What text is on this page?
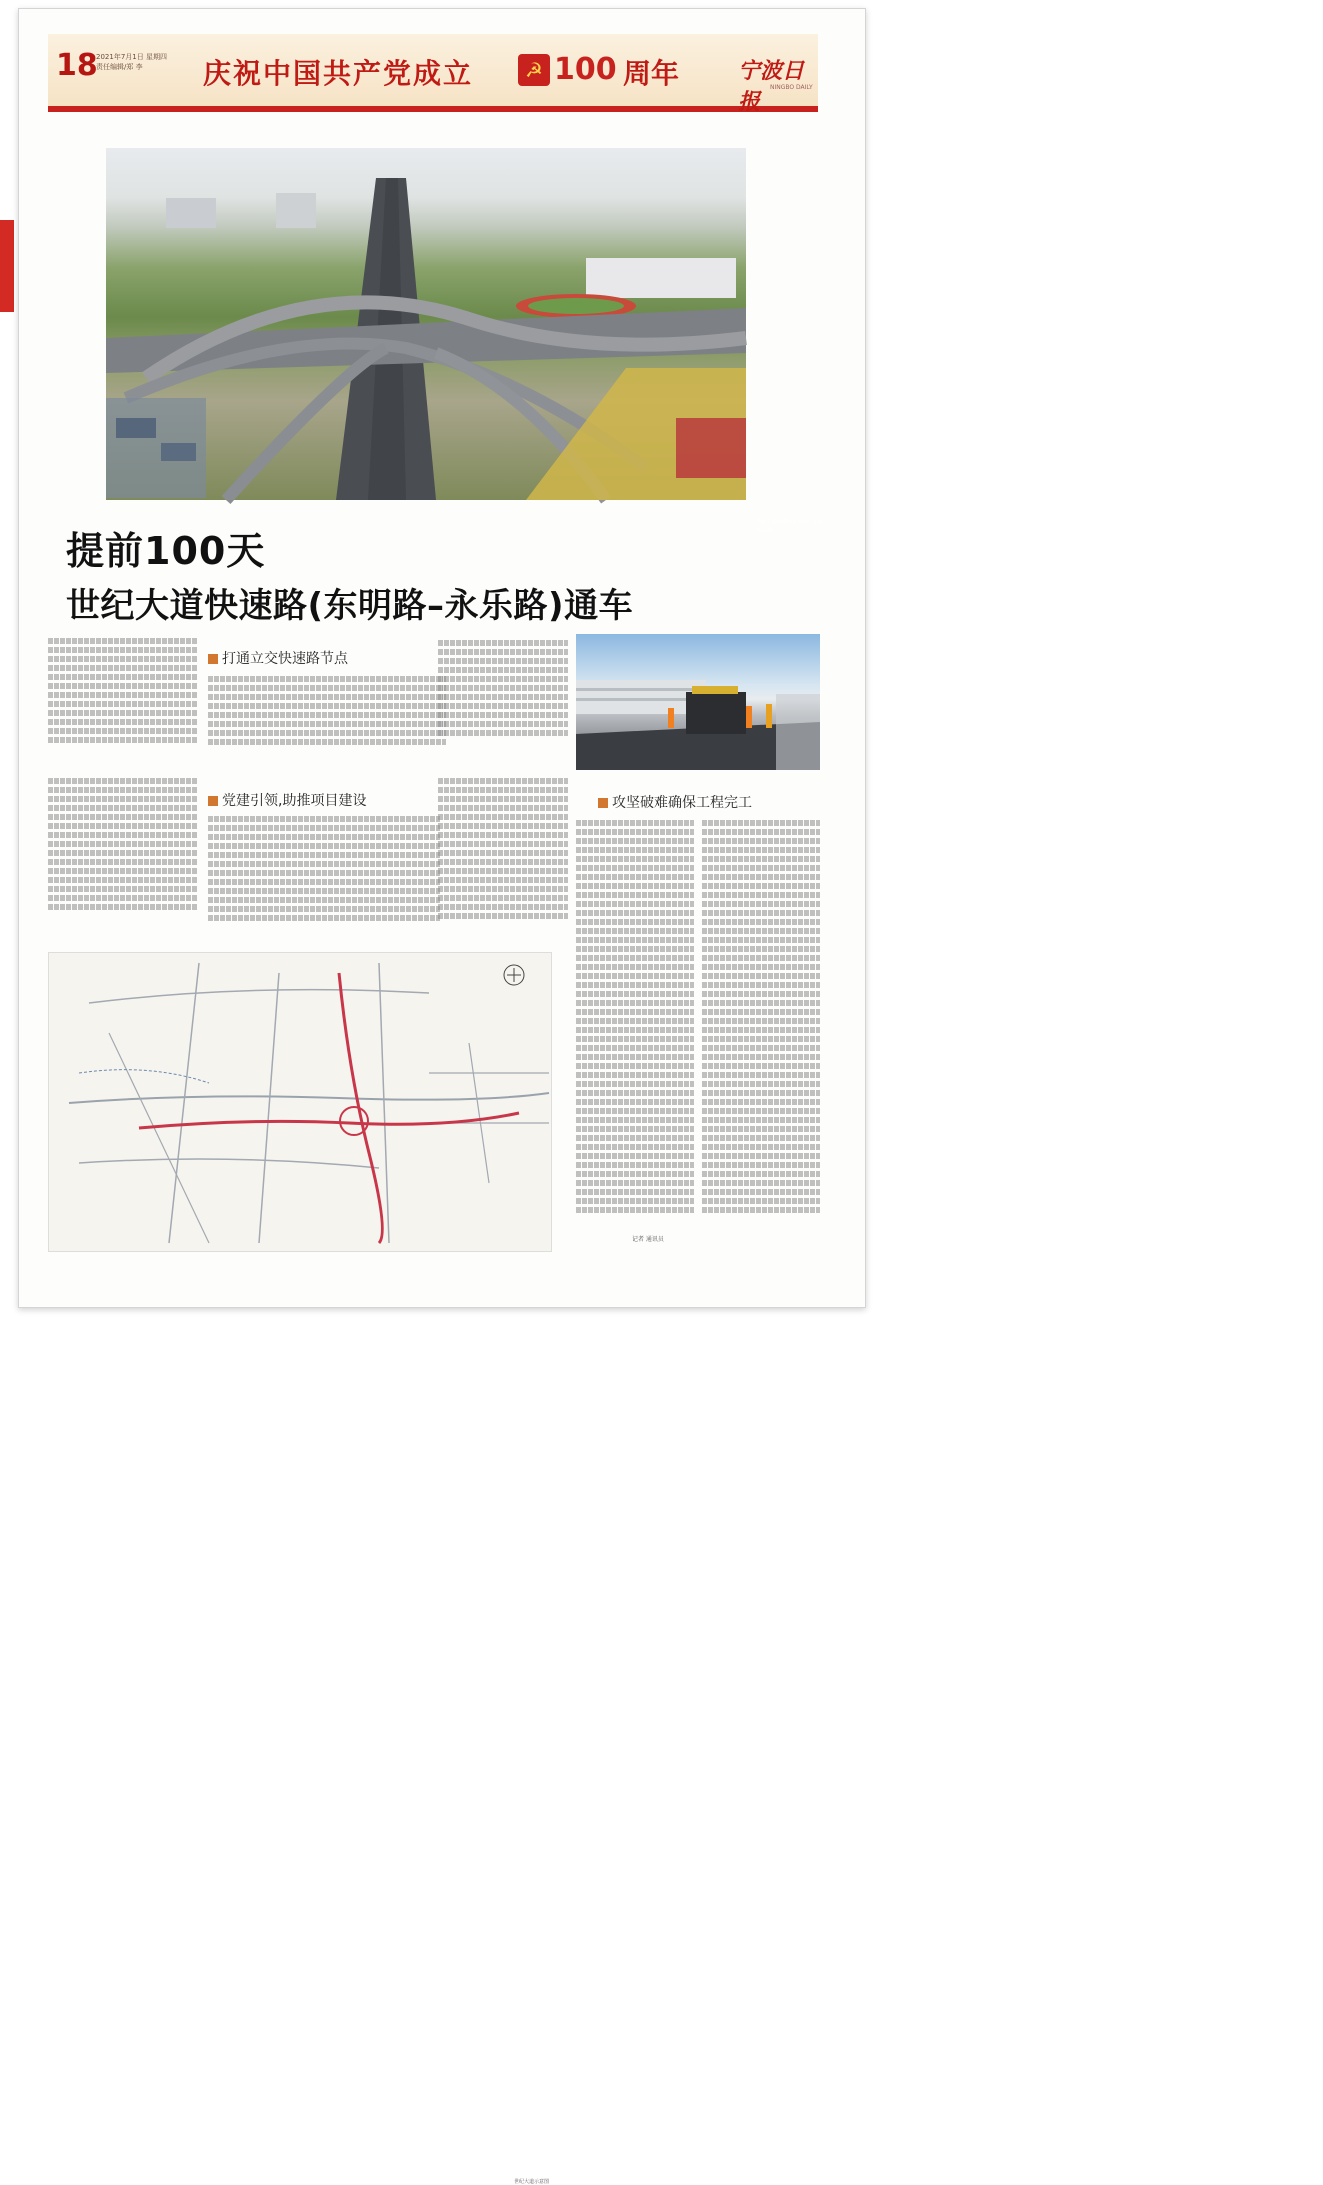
18
2021年7月1日 星期四
责任编辑/郑 李	庆祝中国共产党成立	☭ 100 周年	宁波日报
NINGBO DAILY
世纪大道快速路(东明路—永乐路)鸟瞰。
提前100天
世纪大道快速路(东明路–永乐路)通车
打通立交快速路节点
党建引领,助推项目建设
施工现场
攻坚破难确保工程完工
世纪大道示意图
记者 通讯员
